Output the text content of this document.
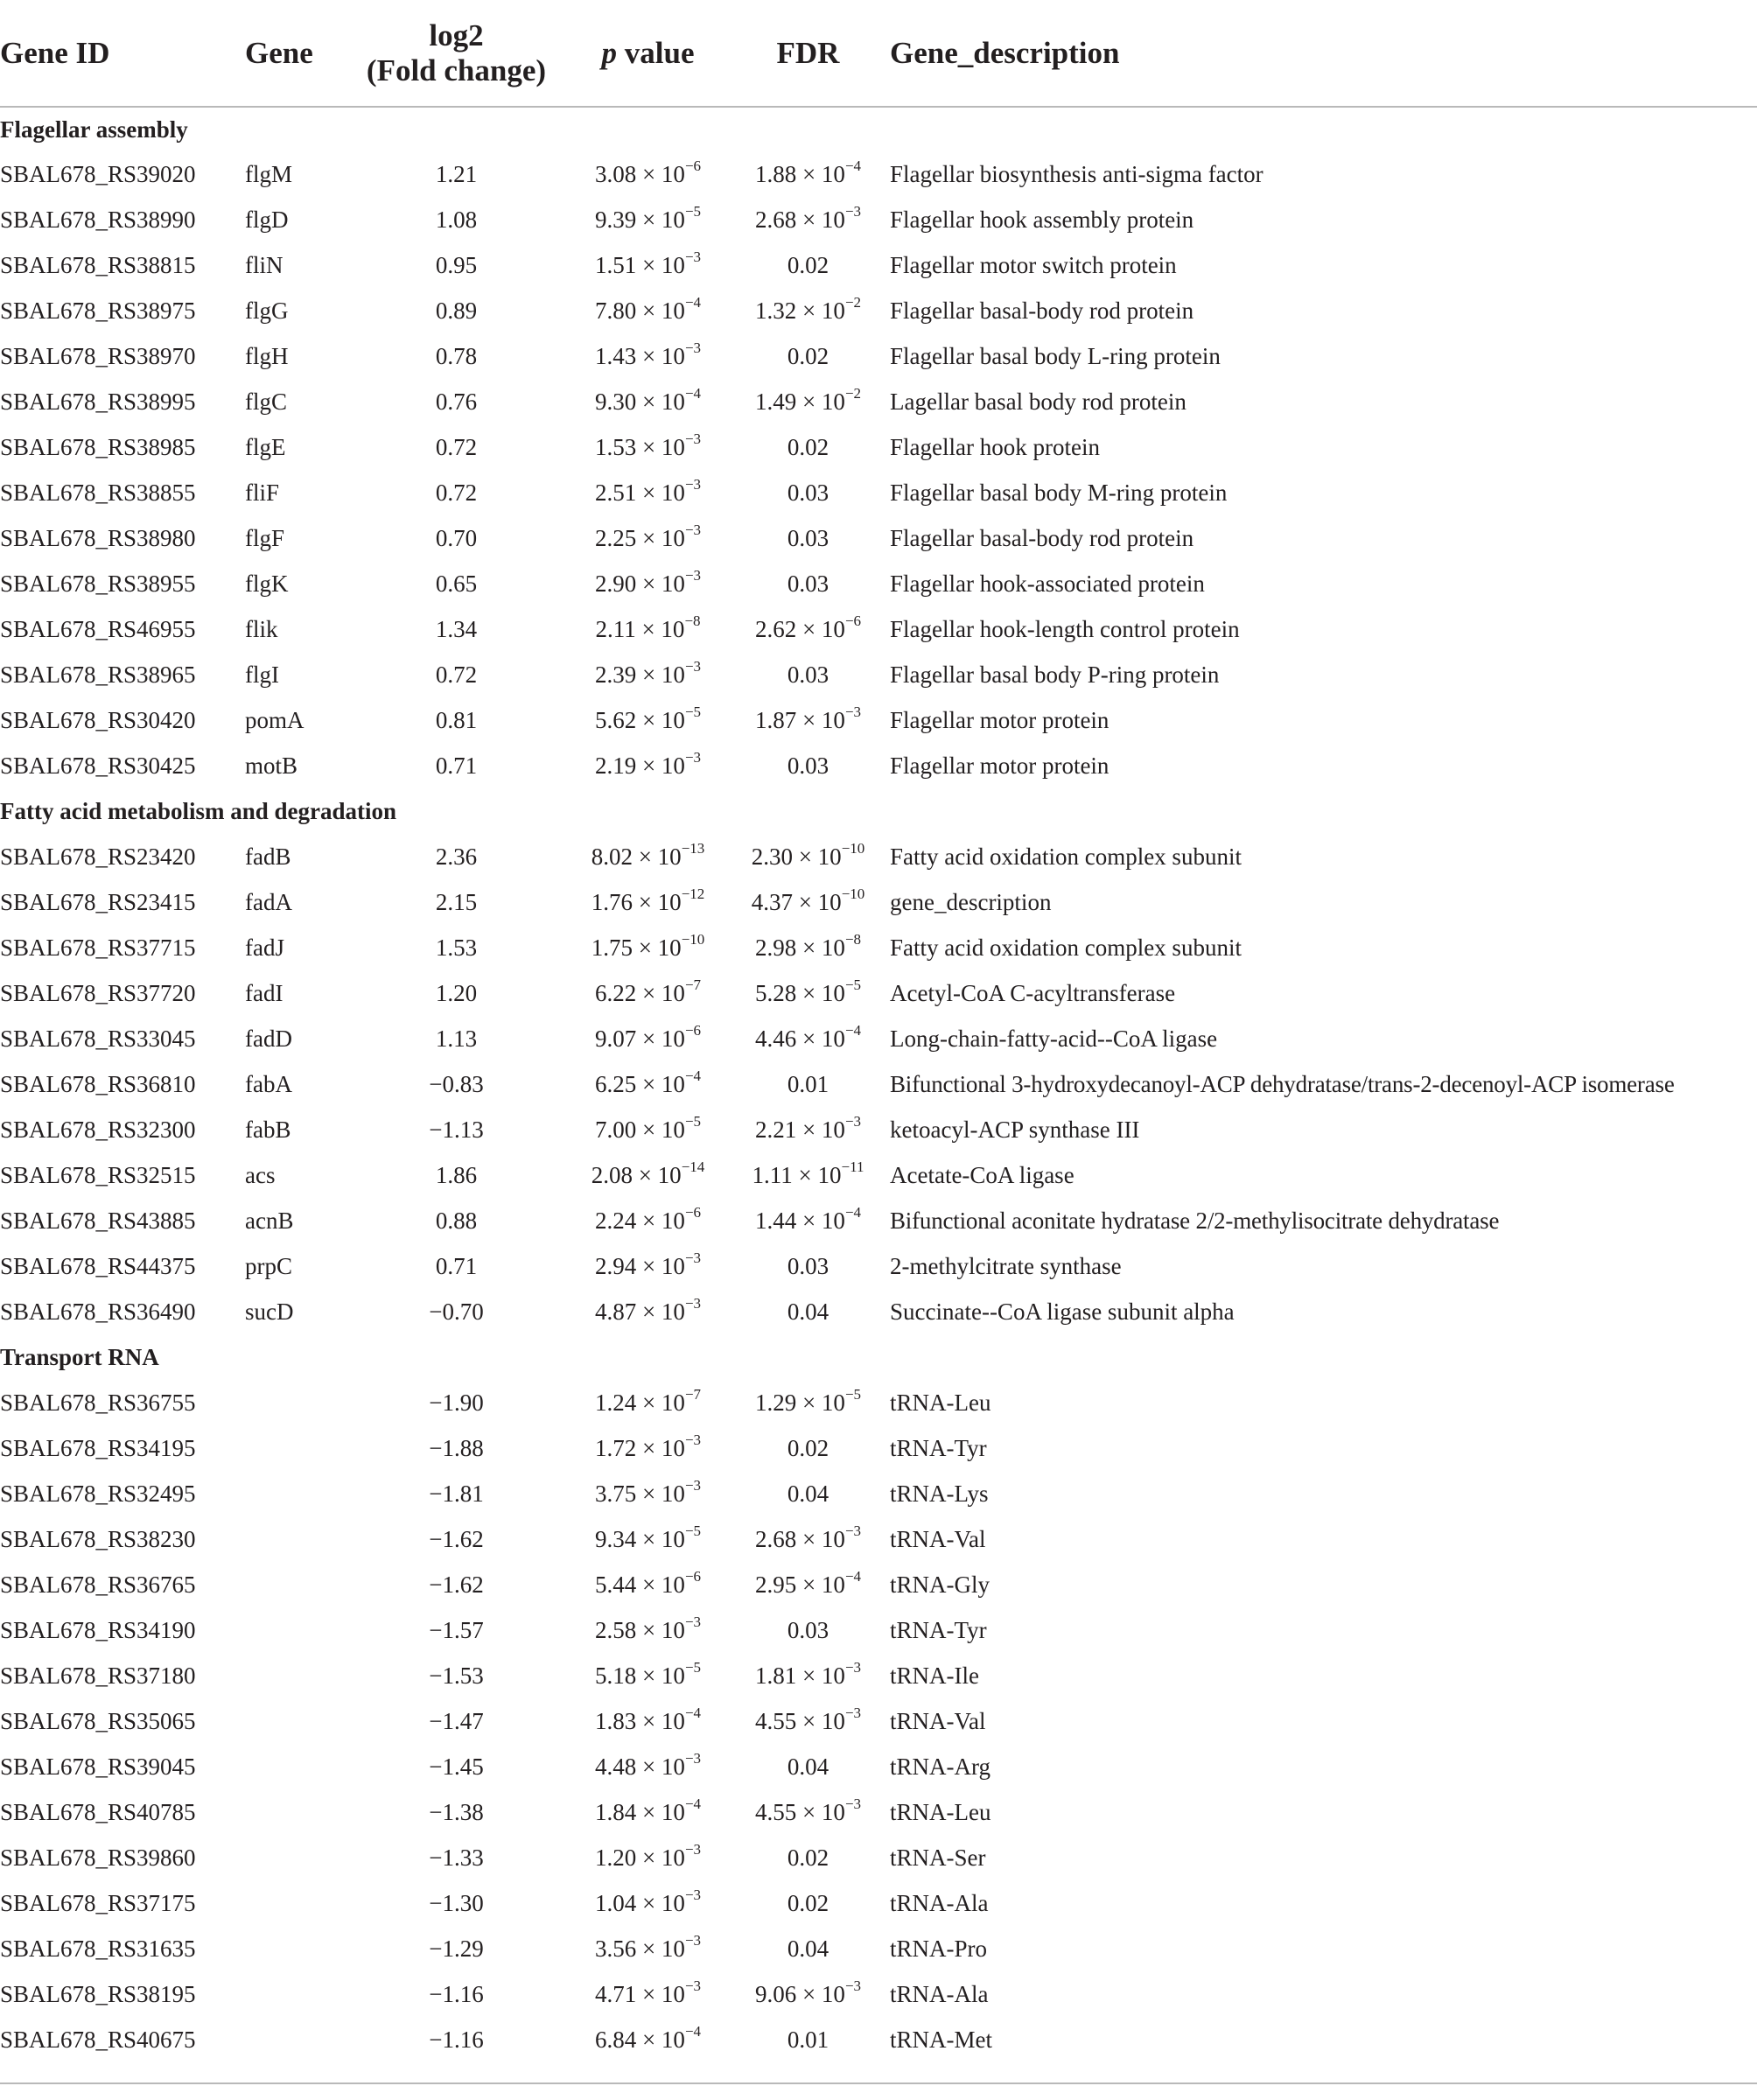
Gene ID	Gene	log2
(Fold change)	p value	FDR	Gene_description
Flagellar assembly					
SBAL678_RS39020	flgM	1.21	$3.08 \times 10^{-6}$	$1.88 \times 10^{-4}$	Flagellar biosynthesis anti-sigma factor
SBAL678_RS38990	flgD	1.08	$9.39 \times 10^{-5}$	$2.68 \times 10^{-3}$	Flagellar hook assembly protein
SBAL678_RS38815	fliN	0.95	$1.51 \times 10^{-3}$	0.02	Flagellar motor switch protein
SBAL678_RS38975	flgG	0.89	$7.80 \times 10^{-4}$	$1.32 \times 10^{-2}$	Flagellar basal-body rod protein
SBAL678_RS38970	flgH	0.78	$1.43 \times 10^{-3}$	0.02	Flagellar basal body L-ring protein
SBAL678_RS38995	flgC	0.76	$9.30 \times 10^{-4}$	$1.49 \times 10^{-2}$	Lagellar basal body rod protein
SBAL678_RS38985	flgE	0.72	$1.53 \times 10^{-3}$	0.02	Flagellar hook protein
SBAL678_RS38855	fliF	0.72	$2.51 \times 10^{-3}$	0.03	Flagellar basal body M-ring protein
SBAL678_RS38980	flgF	0.70	$2.25 \times 10^{-3}$	0.03	Flagellar basal-body rod protein
SBAL678_RS38955	flgK	0.65	$2.90 \times 10^{-3}$	0.03	Flagellar hook-associated protein
SBAL678_RS46955	flik	1.34	$2.11 \times 10^{-8}$	$2.62 \times 10^{-6}$	Flagellar hook-length control protein
SBAL678_RS38965	flgI	0.72	$2.39 \times 10^{-3}$	0.03	Flagellar basal body P-ring protein
SBAL678_RS30420	pomA	0.81	$5.62 \times 10^{-5}$	$1.87 \times 10^{-3}$	Flagellar motor protein
SBAL678_RS30425	motB	0.71	$2.19 \times 10^{-3}$	0.03	Flagellar motor protein
Fatty acid metabolism and degradation					
SBAL678_RS23420	fadB	2.36	$8.02 \times 10^{-13}$	$2.30 \times 10^{-10}$	Fatty acid oxidation complex subunit
SBAL678_RS23415	fadA	2.15	$1.76 \times 10^{-12}$	$4.37 \times 10^{-10}$	gene_description
SBAL678_RS37715	fadJ	1.53	$1.75 \times 10^{-10}$	$2.98 \times 10^{-8}$	Fatty acid oxidation complex subunit
SBAL678_RS37720	fadI	1.20	$6.22 \times 10^{-7}$	$5.28 \times 10^{-5}$	Acetyl-CoA C-acyltransferase
SBAL678_RS33045	fadD	1.13	$9.07 \times 10^{-6}$	$4.46 \times 10^{-4}$	Long-chain-fatty-acid--CoA ligase
SBAL678_RS36810	fabA	−0.83	$6.25 \times 10^{-4}$	0.01	Bifunctional 3-hydroxydecanoyl-ACP dehydratase/trans-2-decenoyl-ACP isomerase
SBAL678_RS32300	fabB	−1.13	$7.00 \times 10^{-5}$	$2.21 \times 10^{-3}$	ketoacyl-ACP synthase III
SBAL678_RS32515	acs	1.86	$2.08 \times 10^{-14}$	$1.11 \times 10^{-11}$	Acetate-CoA ligase
SBAL678_RS43885	acnB	0.88	$2.24 \times 10^{-6}$	$1.44 \times 10^{-4}$	Bifunctional aconitate hydratase 2/2-methylisocitrate dehydratase
SBAL678_RS44375	prpC	0.71	$2.94 \times 10^{-3}$	0.03	2-methylcitrate synthase
SBAL678_RS36490	sucD	−0.70	$4.87 \times 10^{-3}$	0.04	Succinate--CoA ligase subunit alpha
Transport RNA					
SBAL678_RS36755		−1.90	$1.24 \times 10^{-7}$	$1.29 \times 10^{-5}$	tRNA-Leu
SBAL678_RS34195		−1.88	$1.72 \times 10^{-3}$	0.02	tRNA-Tyr
SBAL678_RS32495		−1.81	$3.75 \times 10^{-3}$	0.04	tRNA-Lys
SBAL678_RS38230		−1.62	$9.34 \times 10^{-5}$	$2.68 \times 10^{-3}$	tRNA-Val
SBAL678_RS36765		−1.62	$5.44 \times 10^{-6}$	$2.95 \times 10^{-4}$	tRNA-Gly
SBAL678_RS34190		−1.57	$2.58 \times 10^{-3}$	0.03	tRNA-Tyr
SBAL678_RS37180		−1.53	$5.18 \times 10^{-5}$	$1.81 \times 10^{-3}$	tRNA-Ile
SBAL678_RS35065		−1.47	$1.83 \times 10^{-4}$	$4.55 \times 10^{-3}$	tRNA-Val
SBAL678_RS39045		−1.45	$4.48 \times 10^{-3}$	0.04	tRNA-Arg
SBAL678_RS40785		−1.38	$1.84 \times 10^{-4}$	$4.55 \times 10^{-3}$	tRNA-Leu
SBAL678_RS39860		−1.33	$1.20 \times 10^{-3}$	0.02	tRNA-Ser
SBAL678_RS37175		−1.30	$1.04 \times 10^{-3}$	0.02	tRNA-Ala
SBAL678_RS31635		−1.29	$3.56 \times 10^{-3}$	0.04	tRNA-Pro
SBAL678_RS38195		−1.16	$4.71 \times 10^{-3}$	$9.06 \times 10^{-3}$	tRNA-Ala
SBAL678_RS40675		−1.16	$6.84 \times 10^{-4}$	0.01	tRNA-Met
